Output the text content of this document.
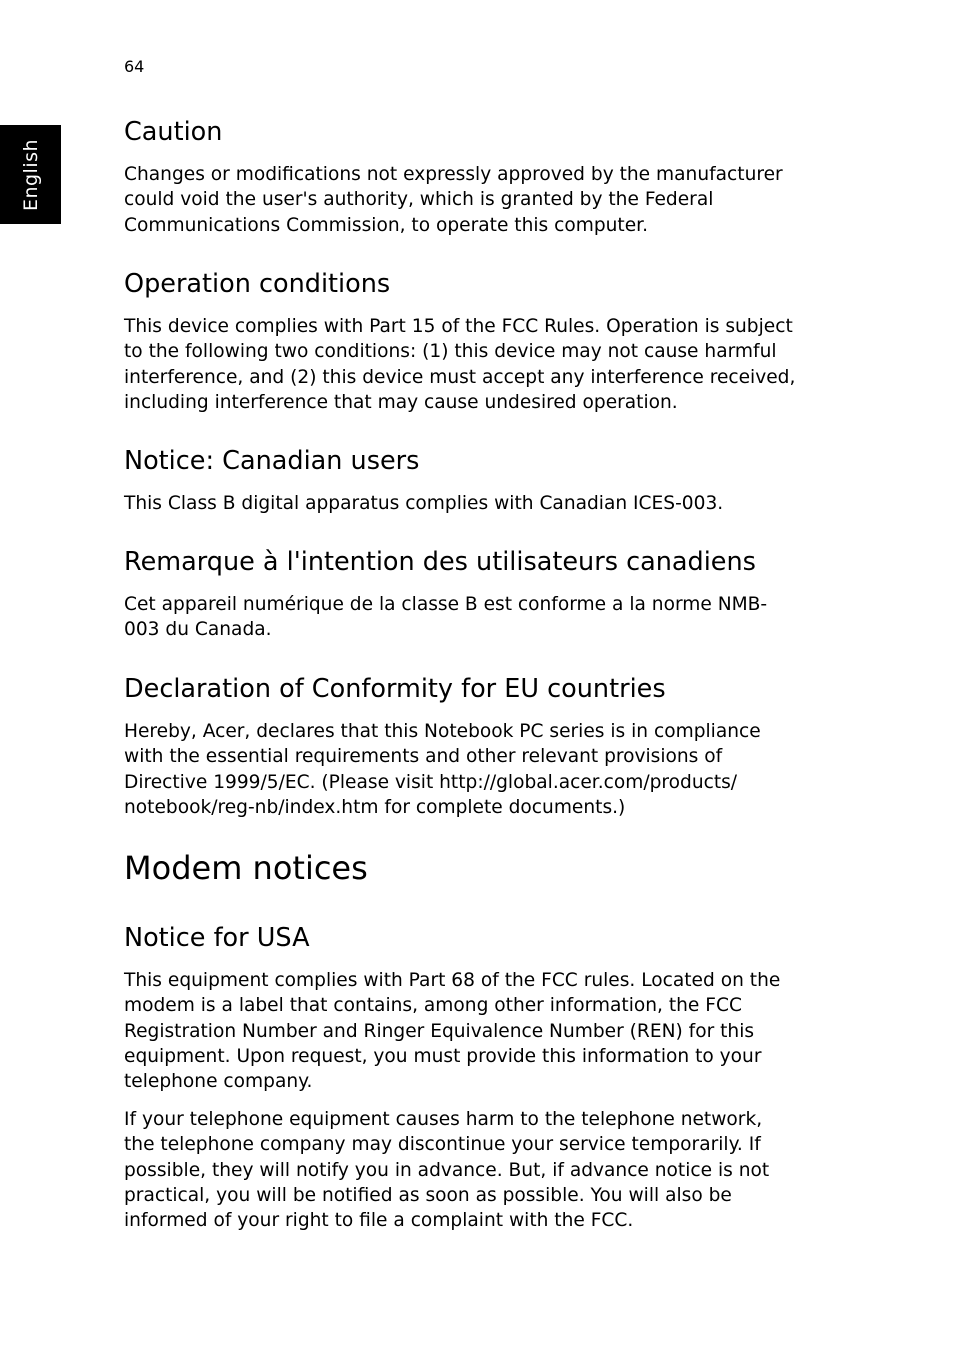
64
English
Caution

Changes or modifications not expressly approved by the manufacturer
could void the user's authority, which is granted by the Federal
Communications Commission, to operate this computer.

Operation conditions

This device complies with Part 15 of the FCC Rules. Operation is subject
to the following two conditions: (1) this device may not cause harmful
interference, and (2) this device must accept any interference received,
including interference that may cause undesired operation.

Notice: Canadian users

This Class B digital apparatus complies with Canadian ICES-003.

Remarque à l'intention des utilisateurs canadiens

Cet appareil numérique de la classe B est conforme a la norme NMB-
003 du Canada.

Declaration of Conformity for EU countries

Hereby, Acer, declares that this Notebook PC series is in compliance
with the essential requirements and other relevant provisions of
Directive 1999/5/EC. (Please visit http://global.acer.com/products/
notebook/reg-nb/index.htm for complete documents.)

Modem notices
Notice for USA

This equipment complies with Part 68 of the FCC rules. Located on the
modem is a label that contains, among other information, the FCC
Registration Number and Ringer Equivalence Number (REN) for this
equipment. Upon request, you must provide this information to your
telephone company.

If your telephone equipment causes harm to the telephone network,
the telephone company may discontinue your service temporarily. If
possible, they will notify you in advance. But, if advance notice is not
practical, you will be notified as soon as possible. You will also be
informed of your right to file a complaint with the FCC.
